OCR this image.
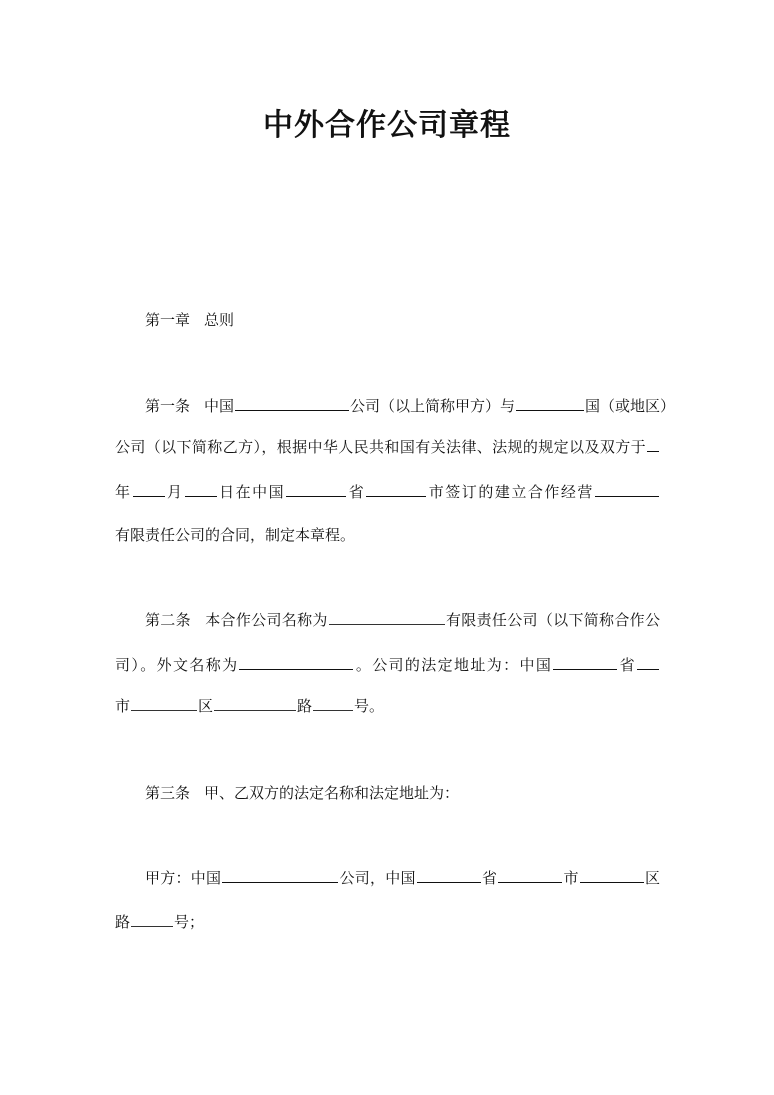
中外合作公司章程
第一章 总则
第一条 中国	公司（以上简称甲方）与	国（或地区）
公司（以下简称乙方），根据中华人民共和国有关法律、法规的规定以及双方于
年 月 日在中国	省	市签订的建立合作经营
有限责任公司的合同，制定本章程。
第二条 本合作公司名称为	有限责任公司（以下简称合作公
司）。外文名称为	。公司的法定地址为：中国	省
市	区	路	号。
第三条 甲、乙双方的法定名称和法定地址为：
甲方：中国	公司，中国	省	市	区
路	号；
